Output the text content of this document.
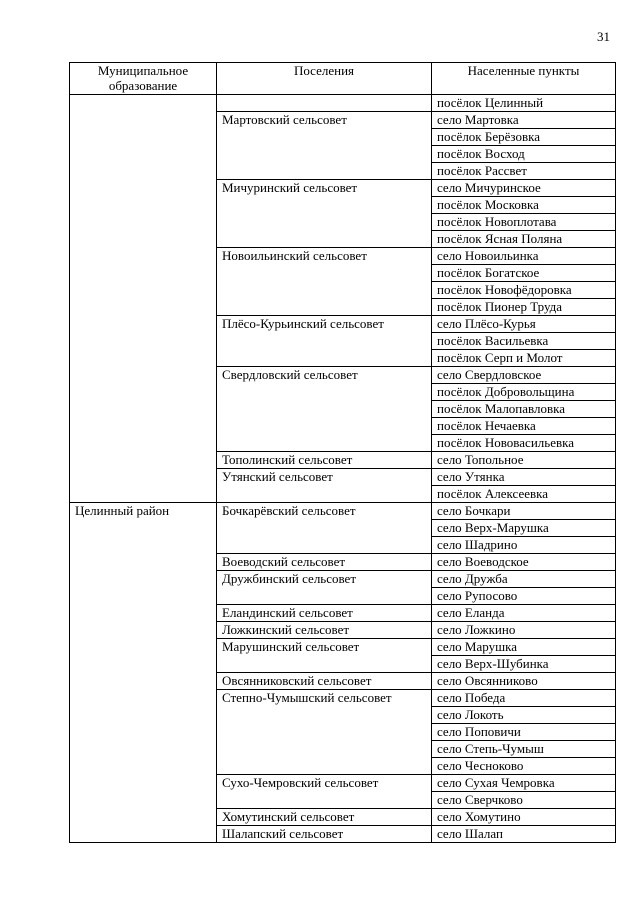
31
Муниципальное образование	Поселения	Населенные пункты
		посёлок Целинный
	Мартовский сельсовет	село Мартовка
		посёлок Берёзовка
		посёлок Восход
		посёлок Рассвет
	Мичуринский сельсовет	село Мичуринское
		посёлок Московка
		посёлок Новоплотава
		посёлок Ясная Поляна
	Новоильинский сельсовет	село Новоильинка
		посёлок Богатское
		посёлок Новофёдоровка
		посёлок Пионер Труда
	Плёсо-Курьинский сельсовет	село Плёсо-Курья
		посёлок Васильевка
		посёлок Серп и Молот
	Свердловский сельсовет	село Свердловское
		посёлок Добровольщина
		посёлок Малопавловка
		посёлок Нечаевка
		посёлок Нововасильевка
	Тополинский сельсовет	село Топольное
	Утянский сельсовет	село Утянка
		посёлок Алексеевка
Целинный район	Бочкарёвский сельсовет	село Бочкари
		село Верх-Марушка
		село Шадрино
	Воеводский сельсовет	село Воеводское
	Дружбинский сельсовет	село Дружба
		село Рупосово
	Еландинский сельсовет	село Еланда
	Ложкинский сельсовет	село Ложкино
	Марушинский сельсовет	село Марушка
		село Верх-Шубинка
	Овсянниковский сельсовет	село Овсянниково
	Степно-Чумышский сельсовет	село Победа
		село Локоть
		село Поповичи
		село Степь-Чумыш
		село Чесноково
	Сухо-Чемровский сельсовет	село Сухая Чемровка
		село Сверчково
	Хомутинский сельсовет	село Хомутино
	Шалапский сельсовет	село Шалап
